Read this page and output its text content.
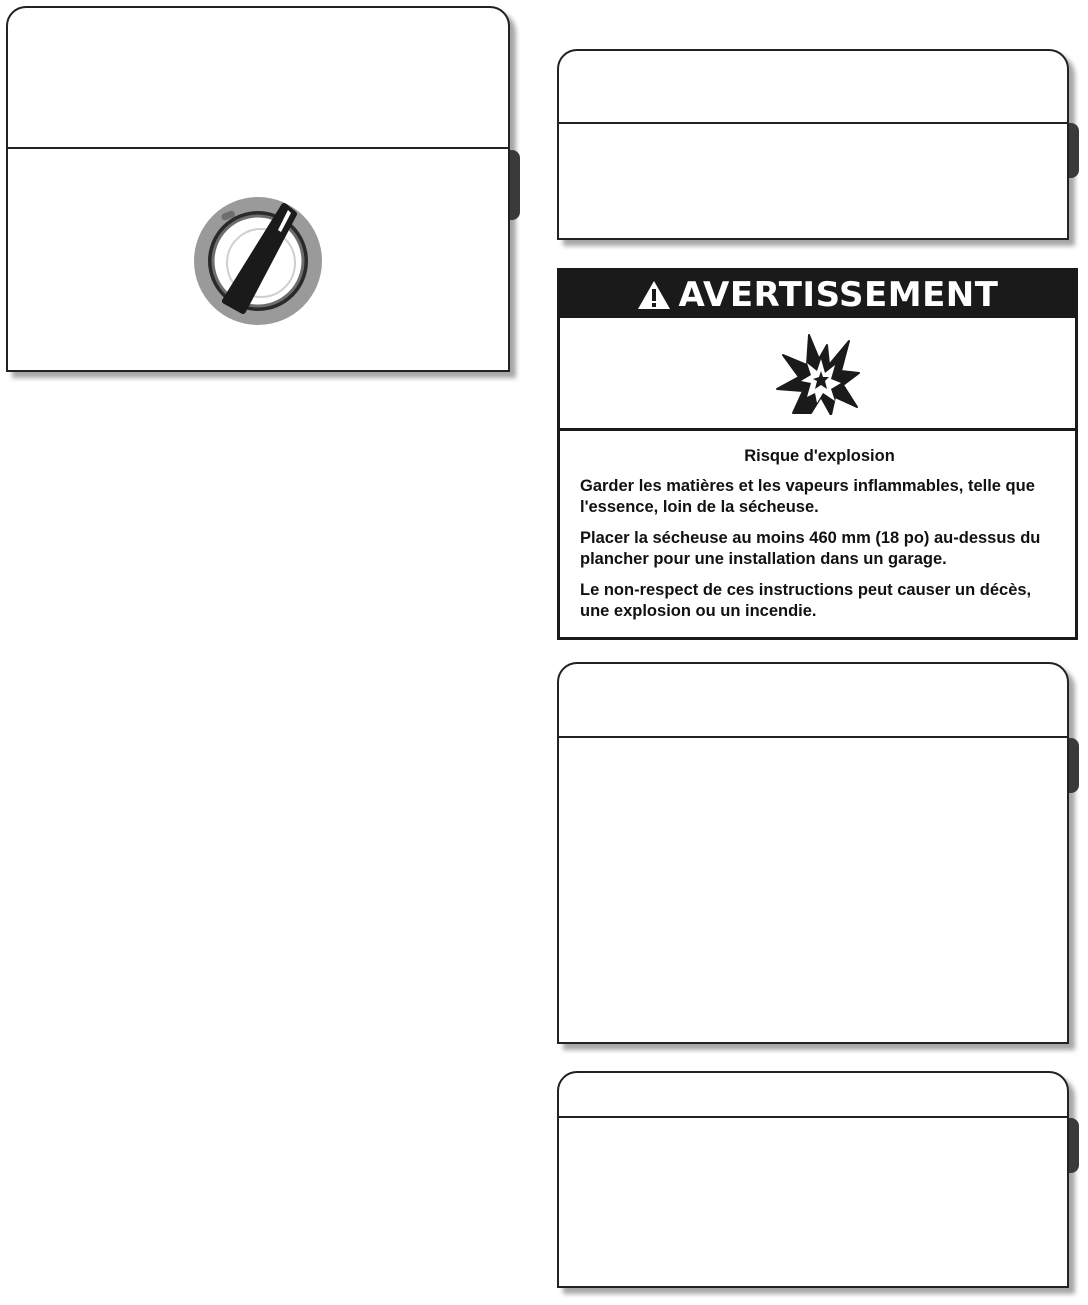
AVERTISSEMENT

Risque d'explosion

Garder les matières et les vapeurs inflammables, telle que l'essence, loin de la sécheuse.

Placer la sécheuse au moins 460 mm (18 po) au-dessus du plancher pour une installation dans un garage.

Le non-respect de ces instructions peut causer un décès, une explosion ou un incendie.
